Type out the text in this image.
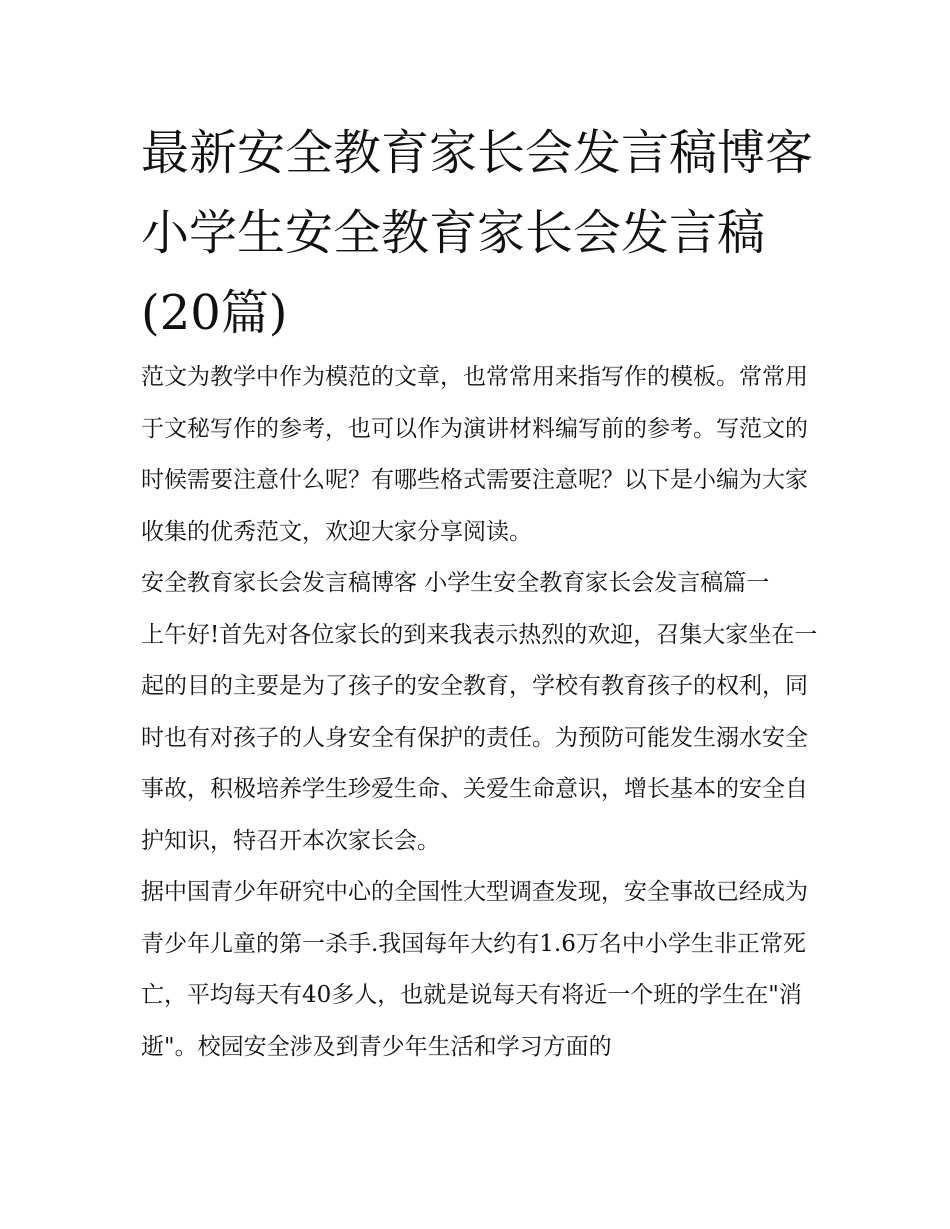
最新安全教育家长会发言稿博客 小学生安全教育家长会发言稿(20篇)

范文为教学中作为模范的文章，也常常用来指写作的模板。常常用于文秘写作的参考，也可以作为演讲材料编写前的参考。写范文的时候需要注意什么呢？有哪些格式需要注意呢？以下是小编为大家收集的优秀范文，欢迎大家分享阅读。

安全教育家长会发言稿博客 小学生安全教育家长会发言稿篇一

上午好!首先对各位家长的到来我表示热烈的欢迎，召集大家坐在一起的目的主要是为了孩子的安全教育，学校有教育孩子的权利，同时也有对孩子的人身安全有保护的责任。为预防可能发生溺水安全事故，积极培养学生珍爱生命、关爱生命意识，增长基本的安全自护知识，特召开本次家长会。

据中国青少年研究中心的全国性大型调查发现，安全事故已经成为青少年儿童的第一杀手.我国每年大约有1.6万名中小学生非正常死亡，平均每天有40多人，也就是说每天有将近一个班的学生在"消逝"。校园安全涉及到青少年生活和学习方面的
